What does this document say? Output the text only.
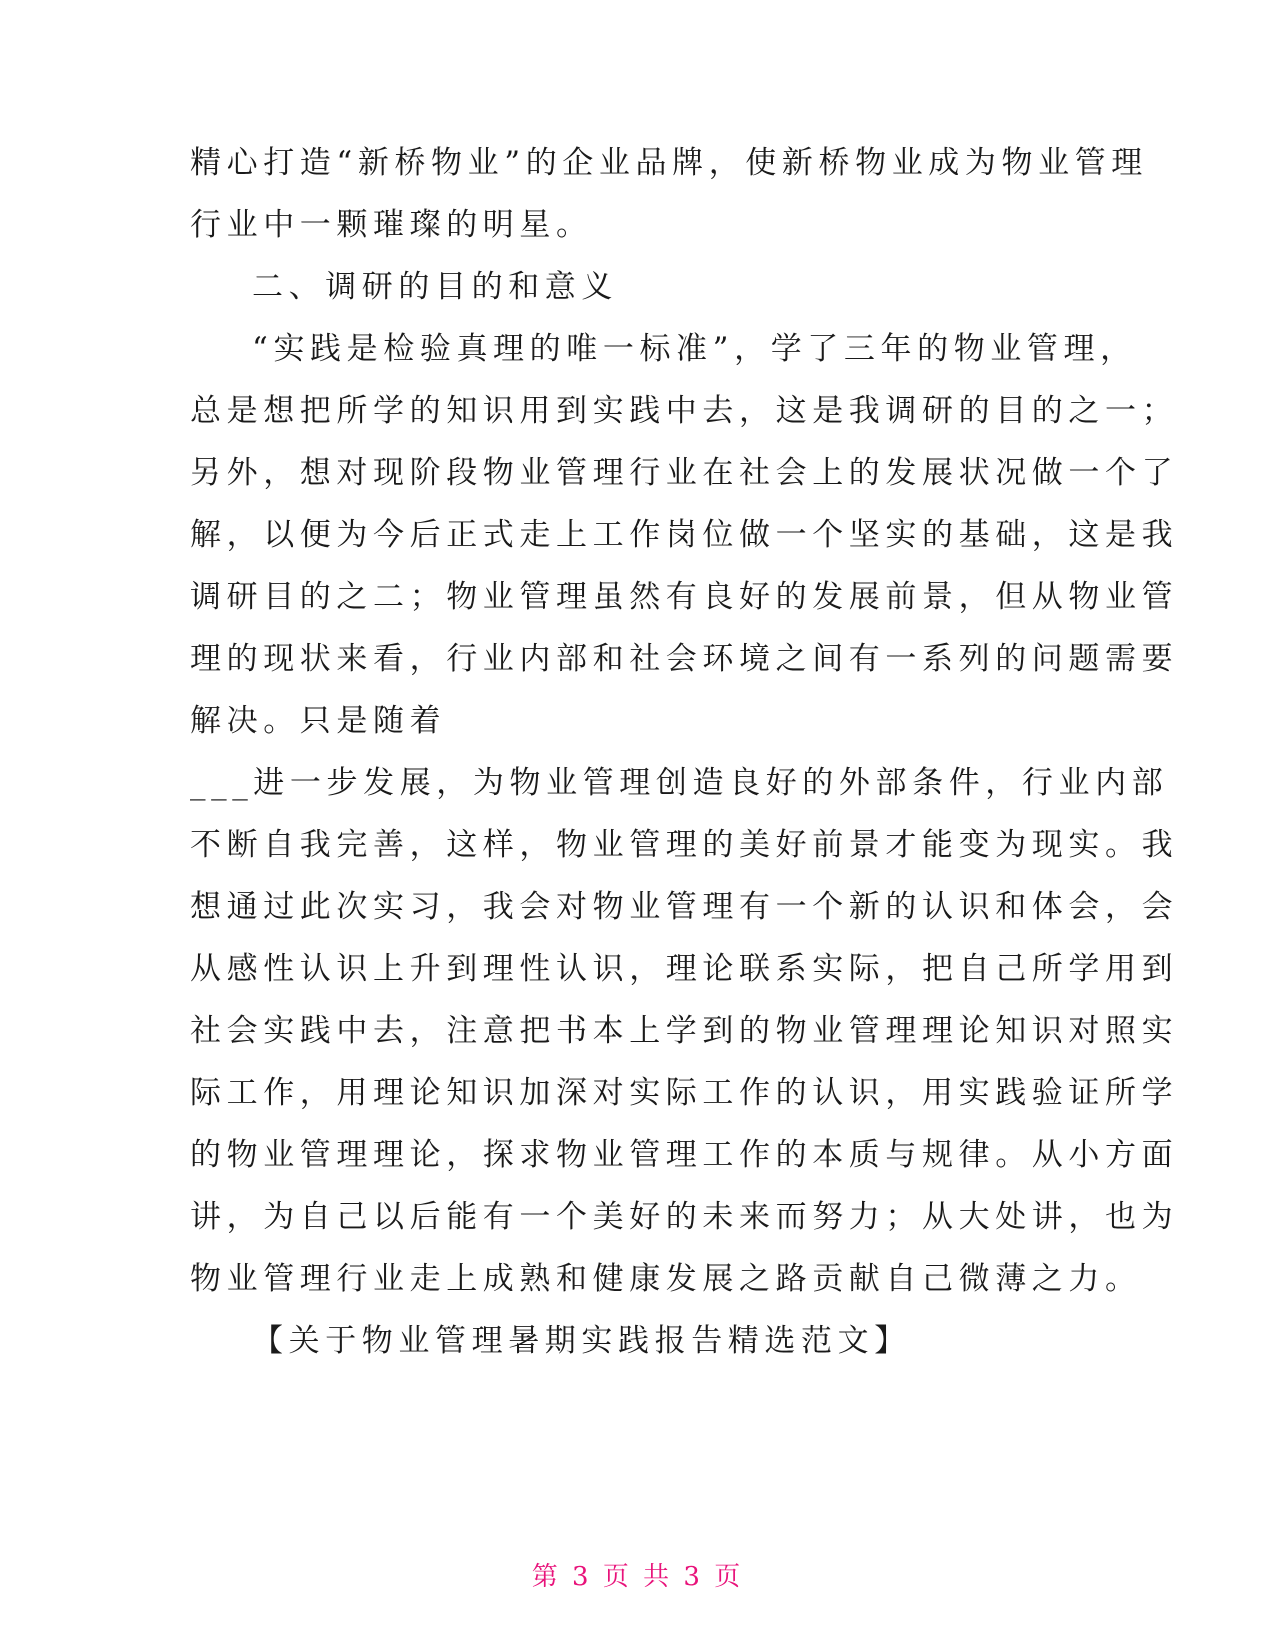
精心打造“新桥物业”的企业品牌，使新桥物业成为物业管理
行业中一颗璀璨的明星。
二、调研的目的和意义
“实践是检验真理的唯一标准”，学了三年的物业管理，
总是想把所学的知识用到实践中去，这是我调研的目的之一；
另外，想对现阶段物业管理行业在社会上的发展状况做一个了
解，以便为今后正式走上工作岗位做一个坚实的基础，这是我
调研目的之二；物业管理虽然有良好的发展前景，但从物业管
理的现状来看，行业内部和社会环境之间有一系列的问题需要
解决。只是随着
___进一步发展，为物业管理创造良好的外部条件，行业内部
不断自我完善，这样，物业管理的美好前景才能变为现实。我
想通过此次实习，我会对物业管理有一个新的认识和体会，会
从感性认识上升到理性认识，理论联系实际，把自己所学用到
社会实践中去，注意把书本上学到的物业管理理论知识对照实
际工作，用理论知识加深对实际工作的认识，用实践验证所学
的物业管理理论，探求物业管理工作的本质与规律。从小方面
讲，为自己以后能有一个美好的未来而努力；从大处讲，也为
物业管理行业走上成熟和健康发展之路贡献自己微薄之力。
【关于物业管理暑期实践报告精选范文】
第 3 页 共 3 页
